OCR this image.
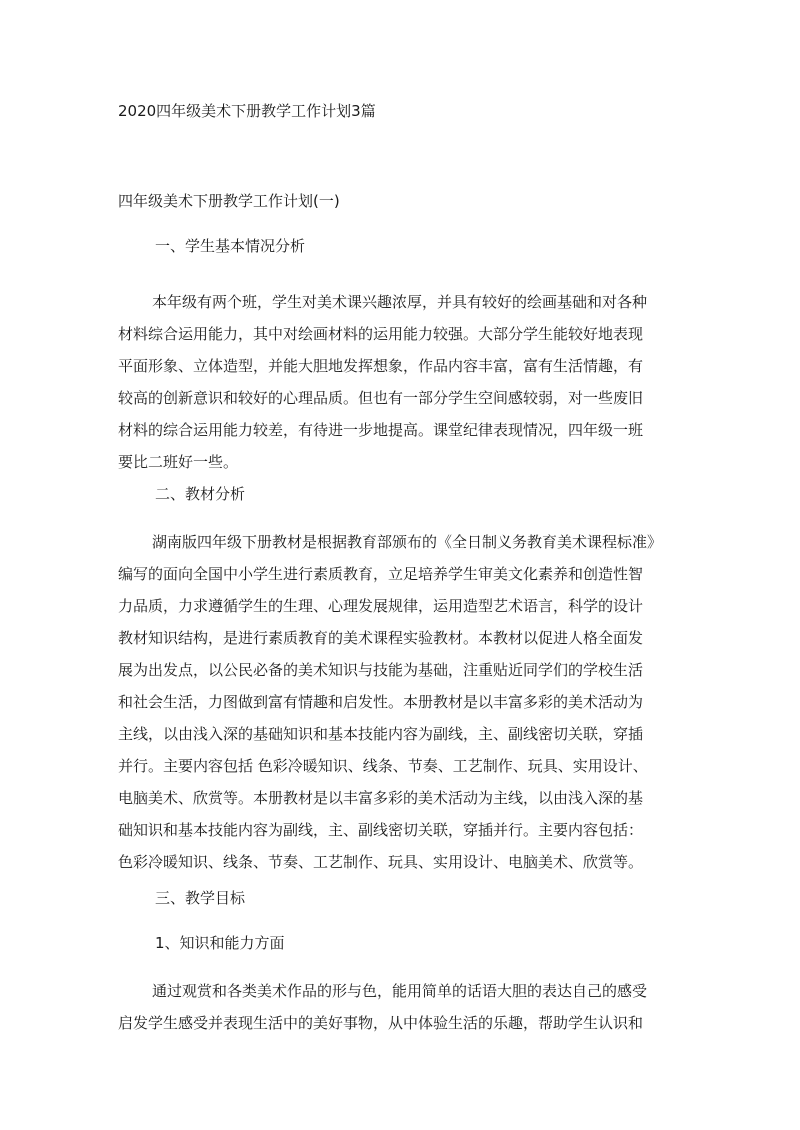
2020四年级美术下册教学工作计划3篇
四年级美术下册教学工作计划(一)
一、学生基本情况分析
本年级有两个班，学生对美术课兴趣浓厚，并具有较好的绘画基础和对各种
材料综合运用能力，其中对绘画材料的运用能力较强。大部分学生能较好地表现
平面形象、立体造型，并能大胆地发挥想象，作品内容丰富，富有生活情趣，有
较高的创新意识和较好的心理品质。但也有一部分学生空间感较弱，对一些废旧
材料的综合运用能力较差，有待进一步地提高。课堂纪律表现情况，四年级一班
要比二班好一些。
二、教材分析
湖南版四年级下册教材是根据教育部颁布的《全日制义务教育美术课程标准》
编写的面向全国中小学生进行素质教育，立足培养学生审美文化素养和创造性智
力品质，力求遵循学生的生理、心理发展规律，运用造型艺术语言，科学的设计
教材知识结构，是进行素质教育的美术课程实验教材。本教材以促进人格全面发
展为出发点，以公民必备的美术知识与技能为基础，注重贴近同学们的学校生活
和社会生活，力图做到富有情趣和启发性。本册教材是以丰富多彩的美术活动为
主线，以由浅入深的基础知识和基本技能内容为副线，主、副线密切关联，穿插
并行。主要内容包括 色彩冷暖知识、线条、节奏、工艺制作、玩具、实用设计、
电脑美术、欣赏等。本册教材是以丰富多彩的美术活动为主线，以由浅入深的基
础知识和基本技能内容为副线，主、副线密切关联，穿插并行。主要内容包括：
色彩冷暖知识、线条、节奏、工艺制作、玩具、实用设计、电脑美术、欣赏等。
三、教学目标
1、知识和能力方面
通过观赏和各类美术作品的形与色，能用简单的话语大胆的表达自己的感受
启发学生感受并表现生活中的美好事物，从中体验生活的乐趣，帮助学生认识和
